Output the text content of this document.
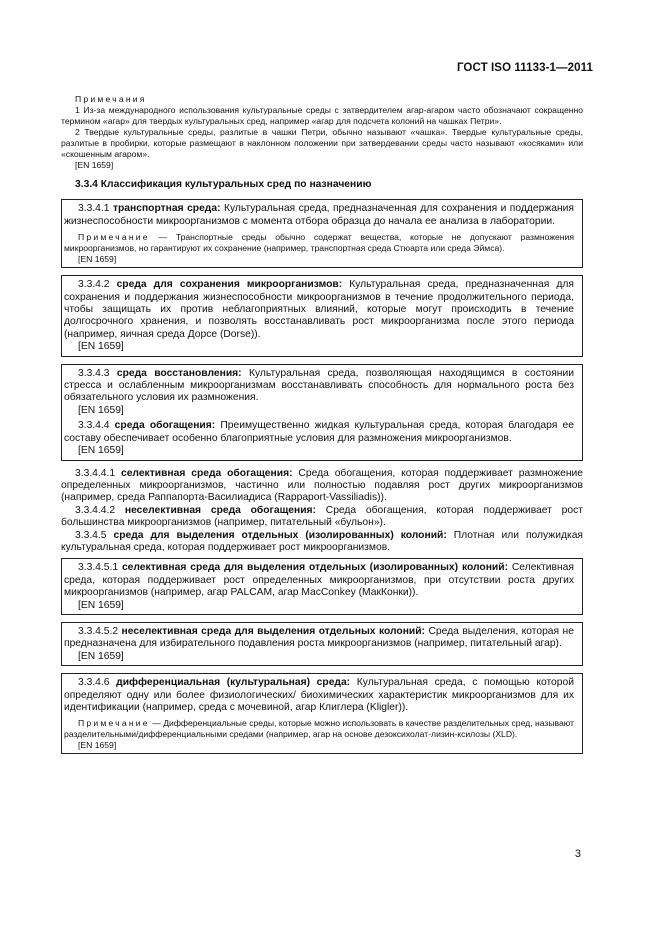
ГОСТ ISO 11133-1—2011

Примечания

1 Из-за международного использования культуральные среды с затвердителем агар-агаром часто обозначают сокращенно термином «агар» для твердых культуральных сред, например «агар для подсчета колоний на чашках Петри».

2 Твердые культуральные среды, разлитые в чашки Петри, обычно называют «чашка». Твердые культуральные среды, разлитые в пробирки, которые размещают в наклонном положении при затвердевании среды часто называют «косяками» или «скошенным агаром».

[EN 1659]

3.3.4 Классификация культуральных сред по назначению

3.3.4.1 транспортная среда: Культуральная среда, предназначенная для сохранения и поддержания жизнеспособности микроорганизмов с момента отбора образца до начала ее анализа в лаборатории.

Примечание — Транспортные среды обычно содержат вещества, которые не допускают размножения микроорганизмов, но гарантируют их сохранение (например, транспортная среда Стюарта или среда Эймса).

[EN 1659]

3.3.4.2 среда для сохранения микроорганизмов: Культуральная среда, предназначенная для сохранения и поддержания жизнеспособности микроорганизмов в течение продолжительного периода, чтобы защищать их против неблагоприятных влияний, которые могут происходить в течение долгосрочного хранения, и позволять восстанавливать рост микроорганизма после этого периода (например, яичная среда Дорсе (Dorse)).

[EN 1659]

3.3.4.3 среда восстановления: Культуральная среда, позволяющая находящимся в состоянии стресса и ослабленным микроорганизмам восстанавливать способность для нормального роста без обязательного условия их размножения.

[EN 1659]

3.3.4.4 среда обогащения: Преимущественно жидкая культуральная среда, которая благодаря ее составу обеспечивает особенно благоприятные условия для размножения микроорганизмов.

[EN 1659]

3.3.4.4.1 селективная среда обогащения: Среда обогащения, которая поддерживает размножение определенных микроорганизмов, частично или полностью подавляя рост других микроорганизмов (например, среда Раппапорта-Василиадиса (Rappaport-Vassiliadis)).

3.3.4.4.2 неселективная среда обогащения: Среда обогащения, которая поддерживает рост большинства микроорганизмов (например, питательный «бульон»).

3.3.4.5 среда для выделения отдельных (изолированных) колоний: Плотная или полужидкая культуральная среда, которая поддерживает рост микроорганизмов.

3.3.4.5.1 селективная среда для выделения отдельных (изолированных) колоний: Селективная среда, которая поддерживает рост определенных микроорганизмов, при отсутствии роста других микроорганизмов (например, агар PALCAM, агар MacConkey (МакКонки)).

[EN 1659]

3.3.4.5.2 неселективная среда для выделения отдельных колоний: Среда выделения, которая не предназначена для избирательного подавления роста микроорганизмов (например, питательный агар).

[EN 1659]

3.3.4.6 дифференциальная (культуральная) среда: Культуральная среда, с помощью которой определяют одну или более физиологических/ биохимических характеристик микроорганизмов для их идентификации (например, среда с мочевиной, агар Клиглера (Kligler)).

Примечание — Дифференциальные среды, которые можно использовать в качестве разделительных сред, называют разделительными/дифференциальными средами (например, агар на основе дезоксихолат-лизин-ксилозы (XLD).

[EN 1659]

3
